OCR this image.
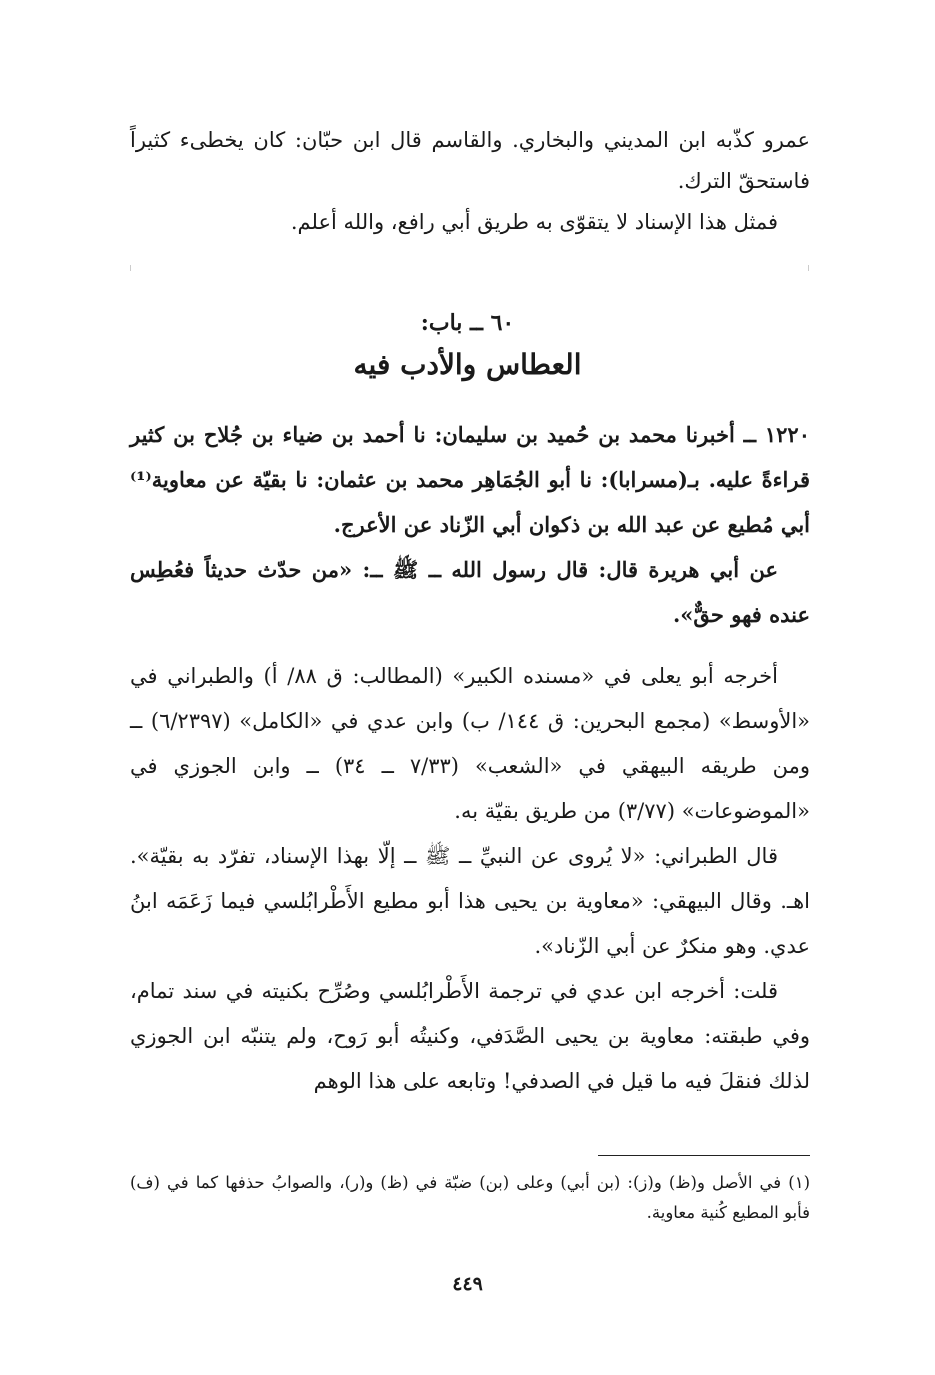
عمرو كذّبه ابن المديني والبخاري. والقاسم قال ابن حبّان: كان يخطىء كثيراً فاستحقّ الترك.

فمثل هذا الإسناد لا يتقوّى به طريق أبي رافع، والله أعلم.

٦٠ ــ باب:
العطاس والأدب فيه

١٢٢٠ ــ أخبرنا محمد بن حُميد بن سليمان: نا أحمد بن ضياء بن جُلاح بن كثير قراءةً عليه. بـ(مسرابا): نا أبو الجُمَاهِر محمد بن عثمان: نا بقيّة عن معاوية⁽¹⁾ أبي مُطيع عن عبد الله بن ذكوان أبي الزّناد عن الأعرج.

عن أبي هريرة قال: قال رسول الله ــ ﷺ ــ: «من حدّث حديثاً فعُطِس عنده فهو حقٌّ».

أخرجه أبو يعلى في «مسنده الكبير» (المطالب: ق ٨٨/ أ) والطبراني في «الأوسط» (مجمع البحرين: ق ١٤٤/ ب) وابن عدي في «الكامل» (٦/٢٣٩٧) ــ ومن طريقه البيهقي في «الشعب» (٧/٣٣ ــ ٣٤) ــ وابن الجوزي في «الموضوعات» (٣/٧٧) من طريق بقيّة به.

قال الطبراني: «لا يُروى عن النبيِّ ــ ﷺ ــ إلّا بهذا الإسناد، تفرّد به بقيّة». اهـ. وقال البيهقي: «معاوية بن يحيى هذا أبو مطيع الأَطْرابُلسي فيما زَعَمَه ابنُ عدي. وهو منكرٌ عن أبي الزّناد».

قلت: أخرجه ابن عدي في ترجمة الأَطْرابُلسي وصُرِّح بكنيته في سند تمام، وفي طبقته: معاوية بن يحيى الصَّدَفي، وكنيتُه أبو رَوح، ولم يتنبّه ابن الجوزي لذلك فنقلَ فيه ما قيل في الصدفي! وتابعه على هذا الوهم

(١) في الأصل و(ظ) و(ز): (بن أبي) وعلى (بن) ضبّة في (ظ) و(ر)، والصوابُ حذفها كما في (ف) فأبو المطيع كُنية معاوية.

٤٤٩
